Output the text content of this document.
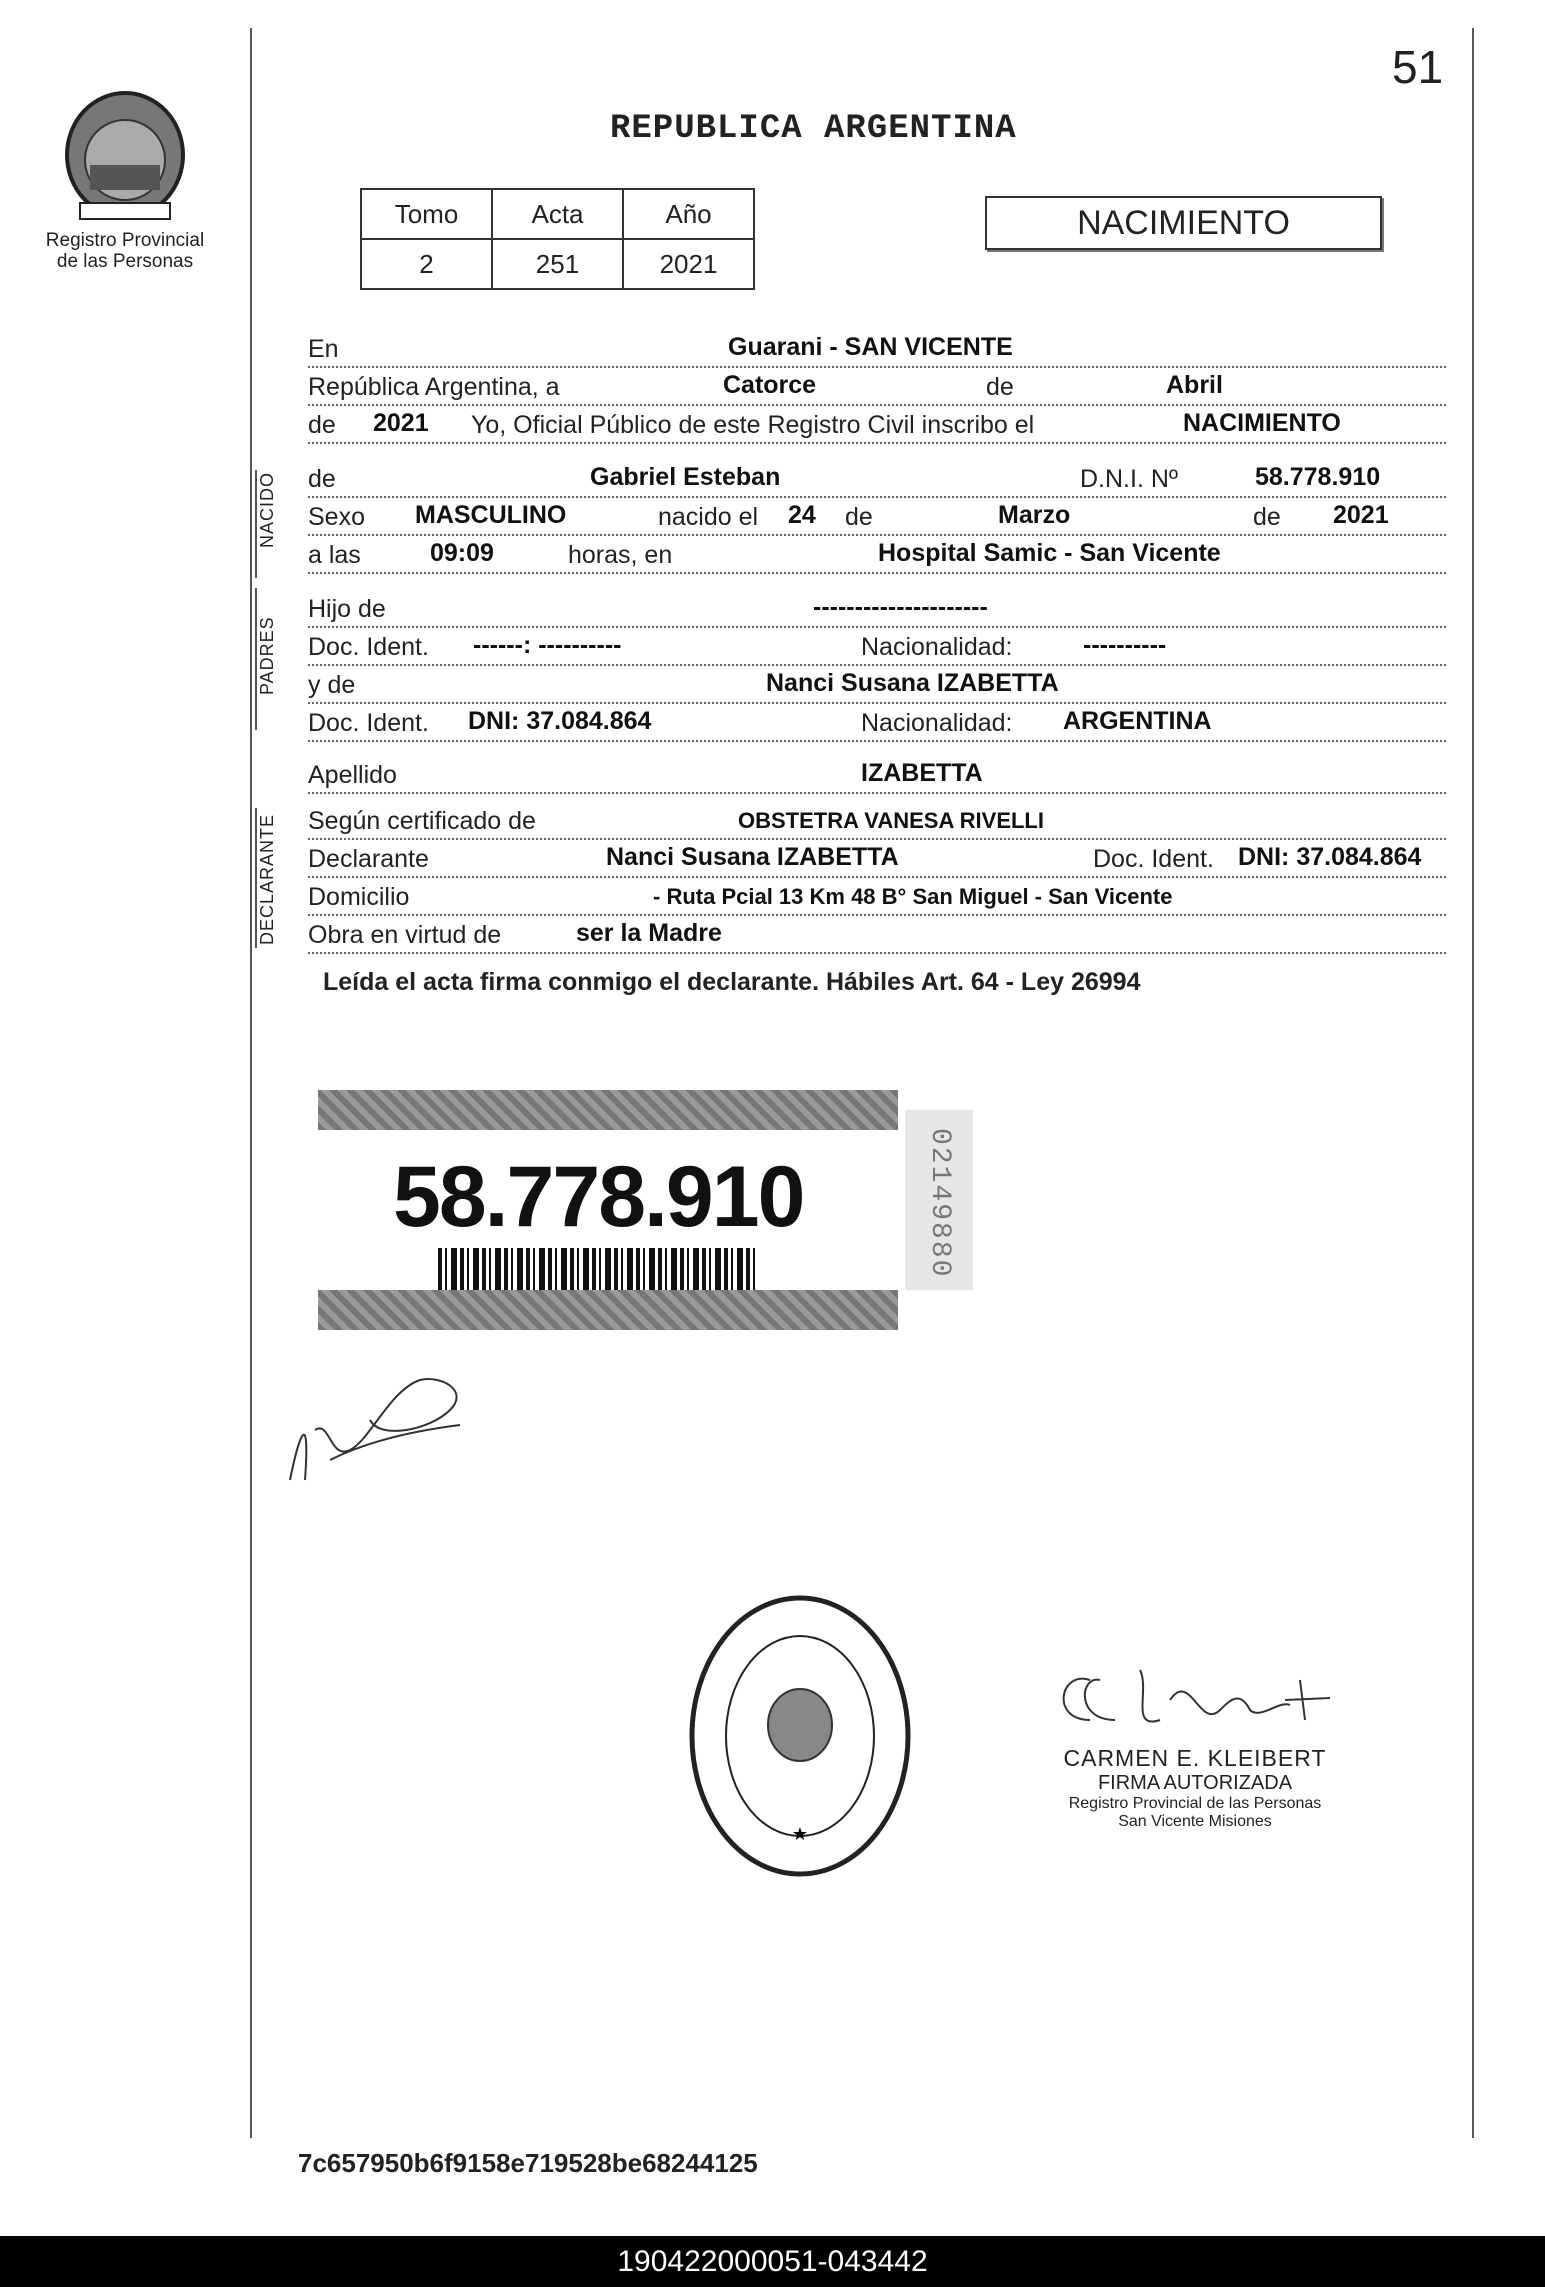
51
Registro Provincial
de las Personas
REPUBLICA ARGENTINA
Tomo	Acta	Año
2	251	2021
NACIMIENTO
En	Guarani - SAN VICENTE
República Argentina, a	Catorce	de	Abril
de 2021 Yo, Oficial Público de este Registro Civil inscribo el	NACIMIENTO
NACIDO de	Gabriel Esteban	D.N.I. Nº	58.778.910
Sexo MASCULINO	nacido el 24 de	Marzo	de 2021
a las	09:09	horas, en	Hospital Samic - San Vicente
PADRES
Hijo de	---------------------
Doc. Ident. ------: ----------	Nacionalidad:	----------
y de	Nanci Susana IZABETTA
Doc. Ident. DNI: 37.084.864	Nacionalidad: ARGENTINA
Apellido	IZABETTA
DECLARANTE Según certificado de	OBSTETRA VANESA RIVELLI
Declarante	Nanci Susana IZABETTA	Doc. Ident. DNI: 37.084.864
Domicilio	- Ruta Pcial 13 Km 48 B° San Miguel - San Vicente
Obra en virtud de	ser la Madre
Leída el acta firma conmigo el declarante. Hábiles Art. 64 - Ley 26994
58.778.910	02149880
★
CARMEN E. KLEIBERT
FIRMA AUTORIZADA
Registro Provincial de las Personas
San Vicente Misiones
7c657950b6f9158e719528be68244125
190422000051-043442
